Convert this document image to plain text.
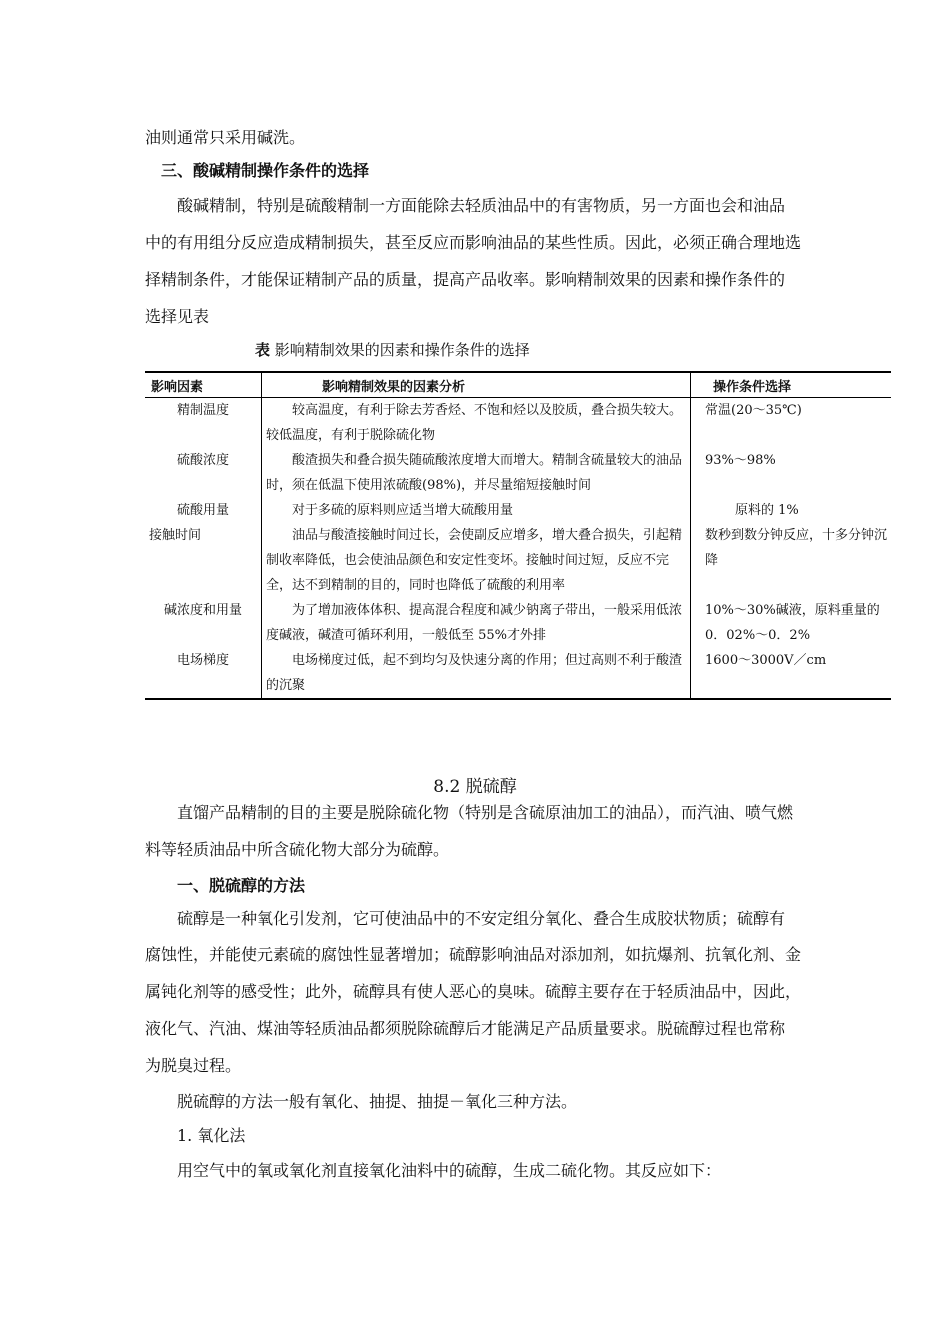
油则通常只采用碱洗。
三、酸碱精制操作条件的选择
酸碱精制，特别是硫酸精制一方面能除去轻质油品中的有害物质，另一方面也会和油品
中的有用组分反应造成精制损失，甚至反应而影响油品的某些性质。因此，必须正确合理地选
择精制条件，才能保证精制产品的质量，提高产品收率。影响精制效果的因素和操作条件的
选择见表
表 影响精制效果的因素和操作条件的选择
影响因素	影响精制效果的因素分析	操作条件选择
精制温度	较高温度，有利于除去芳香烃、不饱和烃以及胶质，叠合损失较大。较低温度，有利于脱除硫化物	常温(20～35℃)
硫酸浓度	酸渣损失和叠合损失随硫酸浓度增大而增大。精制含硫量较大的油品时，须在低温下使用浓硫酸(98%)，并尽量缩短接触时间	93%～98%
硫酸用量	对于多硫的原料则应适当增大硫酸用量	原料的 1%
接触时间	油品与酸渣接触时间过长，会使副反应增多，增大叠合损失，引起精制收率降低，也会使油品颜色和安定性变坏。接触时间过短，反应不完全，达不到精制的目的，同时也降低了硫酸的利用率	数秒到数分钟反应，十多分钟沉降
碱浓度和用量	为了增加液体体积、提高混合程度和减少钠离子带出，一般采用低浓度碱液，碱渣可循环利用，一般低至 55%才外排	10%～30%碱液，原料重量的 0．02%～0．2%
电场梯度	电场梯度过低，起不到均匀及快速分离的作用；但过高则不利于酸渣的沉聚	1600～3000V／cm
8.2 脱硫醇
直馏产品精制的目的主要是脱除硫化物（特别是含硫原油加工的油品），而汽油、喷气燃
料等轻质油品中所含硫化物大部分为硫醇。
一、脱硫醇的方法
硫醇是一种氧化引发剂，它可使油品中的不安定组分氧化、叠合生成胶状物质；硫醇有
腐蚀性，并能使元素硫的腐蚀性显著增加；硫醇影响油品对添加剂，如抗爆剂、抗氧化剂、金
属钝化剂等的感受性；此外，硫醇具有使人恶心的臭味。硫醇主要存在于轻质油品中，因此，
液化气、汽油、煤油等轻质油品都须脱除硫醇后才能满足产品质量要求。脱硫醇过程也常称
为脱臭过程。
脱硫醇的方法一般有氧化、抽提、抽提－氧化三种方法。
1. 氧化法
用空气中的氧或氧化剂直接氧化油料中的硫醇，生成二硫化物。其反应如下：
